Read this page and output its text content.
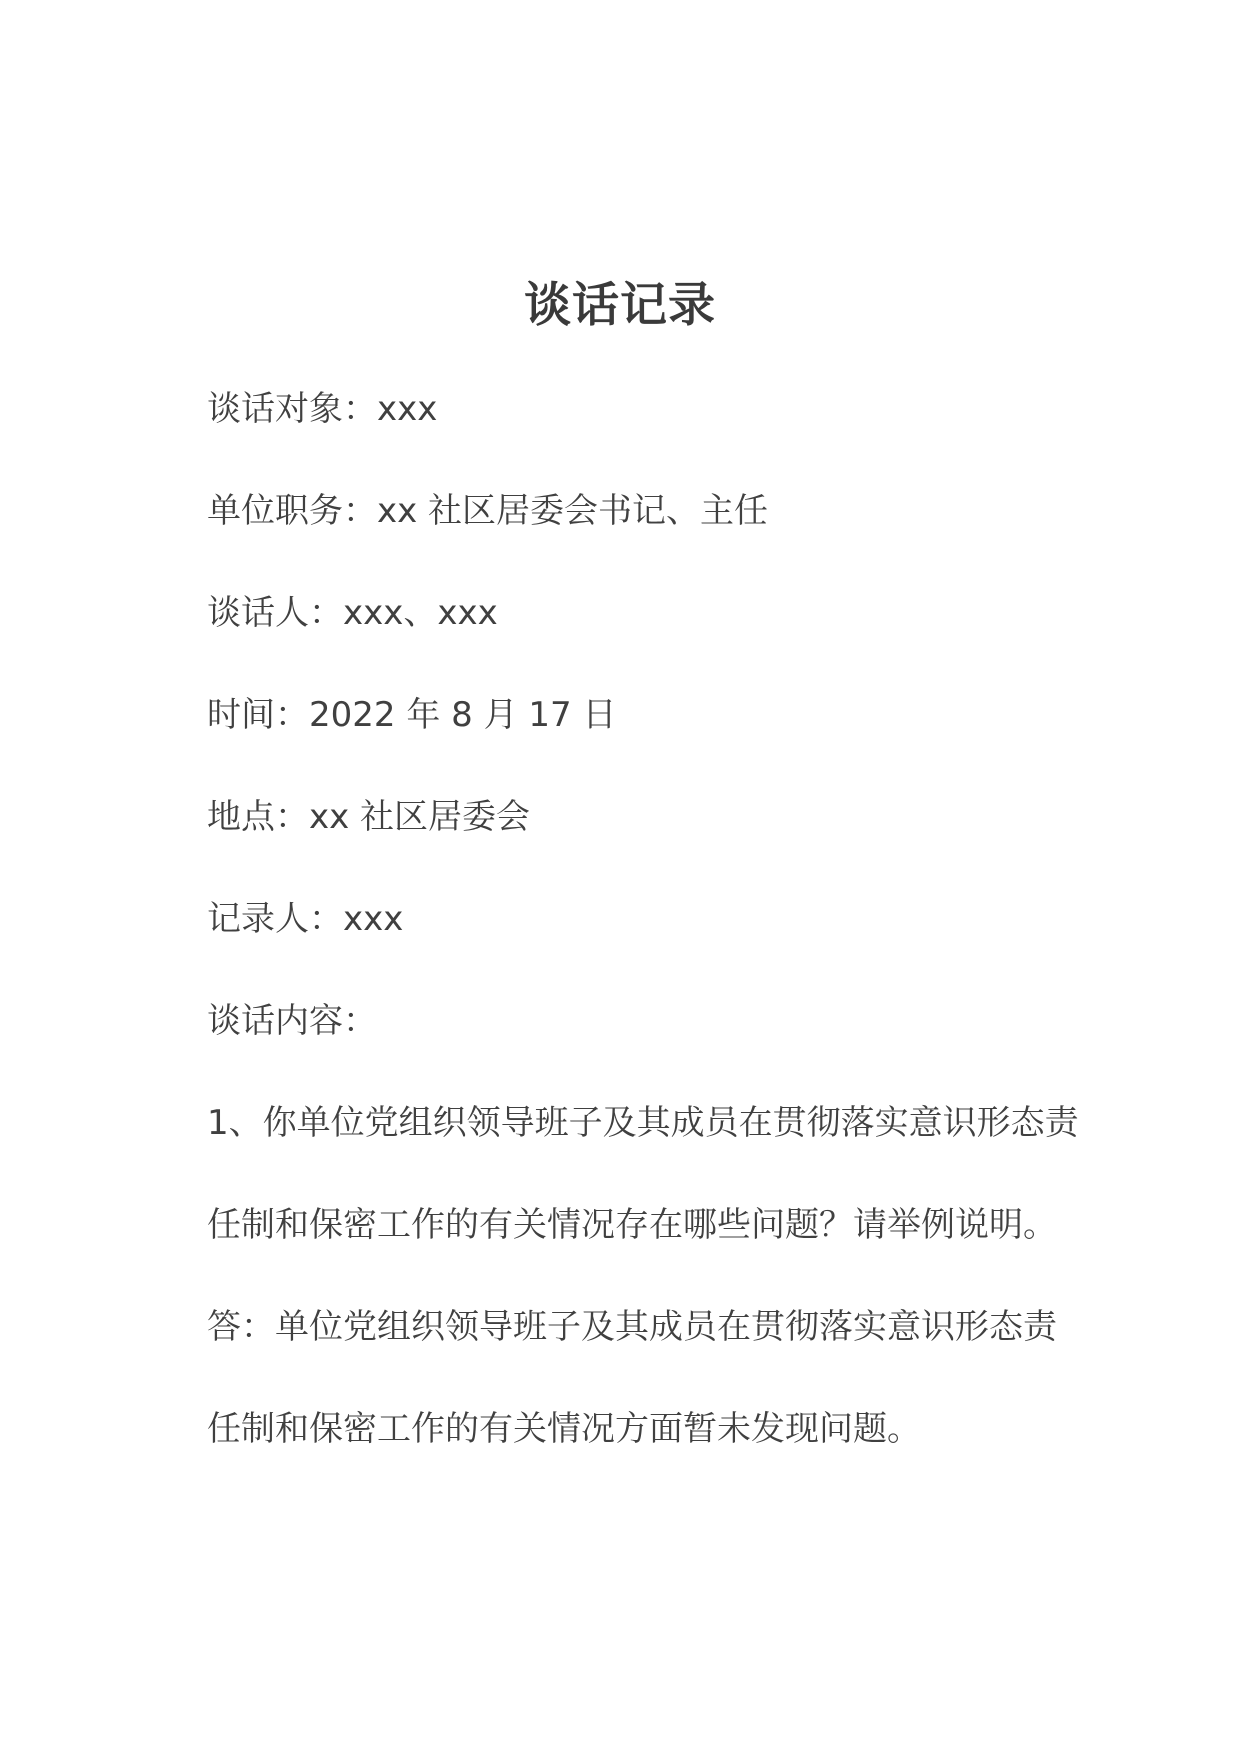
谈话记录
谈话对象：xxx
单位职务：xx 社区居委会书记、主任
谈话人：xxx、xxx
时间：2022 年 8 月 17 日
地点：xx 社区居委会
记录人：xxx
谈话内容：
1、你单位党组织领导班子及其成员在贯彻落实意识形态责
任制和保密工作的有关情况存在哪些问题？请举例说明。
答：单位党组织领导班子及其成员在贯彻落实意识形态责
任制和保密工作的有关情况方面暂未发现问题。
